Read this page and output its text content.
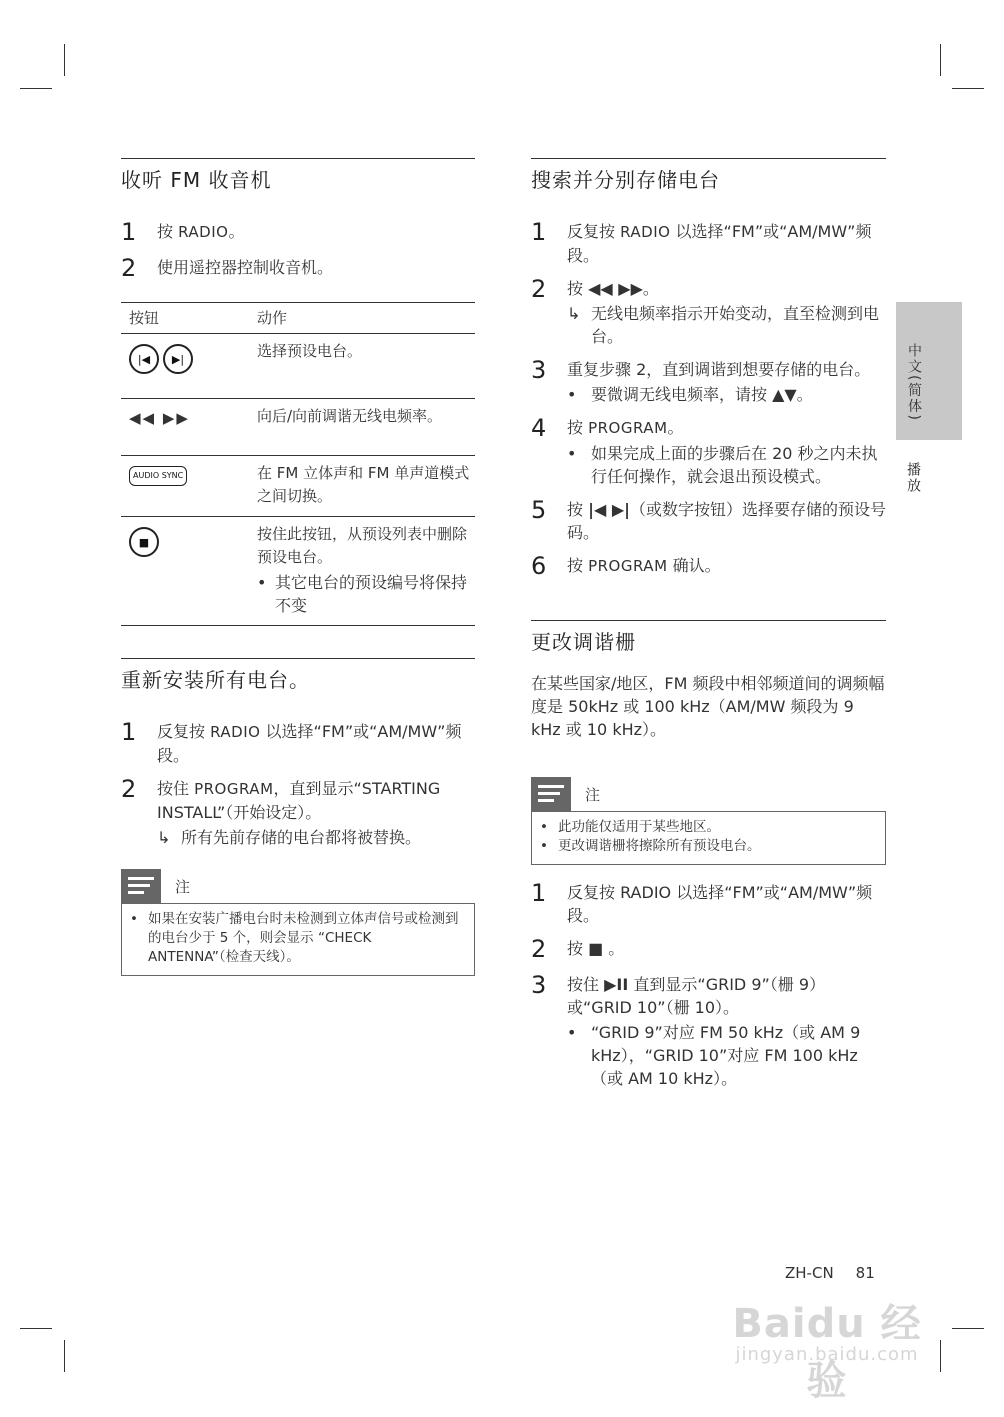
收听 FM 收音机
1	按 RADIO。
2	使用遥控器控制收音机。
按钮	动作
|◀ ▶|	选择预设电台。
◀◀ ▶▶	向后/向前调谐无线电频率。
AUDIO SYNC	在 FM 立体声和 FM 单声道模式之间切换。
■	按住此按钮，从预设列表中删除预设电台。
• 其它电台的预设编号将保持不变
重新安装所有电台。
1	反复按 RADIO 以选择“FM”或“AM/MW”频段。
2	按住 PROGRAM，直到显示“STARTING INSTALL”（开始设定）。
↳ 所有先前存储的电台都将被替换。
注
• 如果在安装广播电台时未检测到立体声信号或检测到的电台少于 5 个，则会显示 “CHECK ANTENNA”（检查天线）。
搜索并分别存储电台
1	反复按 RADIO 以选择“FM”或“AM/MW”频段。
2	按 ◀◀ ▶▶。
↳ 无线电频率指示开始变动，直至检测到电台。
3	重复步骤 2，直到调谐到想要存储的电台。
• 要微调无线电频率，请按 ▲▼。
4	按 PROGRAM。
• 如果完成上面的步骤后在 20 秒之内未执行任何操作，就会退出预设模式。
5	按 |◀ ▶|（或数字按钮）选择要存储的预设号码。
6	按 PROGRAM 确认。
更改调谐栅
在某些国家/地区，FM 频段中相邻频道间的调频幅度是 50kHz 或 100 kHz（AM/MW 频段为 9 kHz 或 10 kHz）。
注
• 此功能仅适用于某些地区。
• 更改调谐栅将擦除所有预设电台。
1	反复按 RADIO 以选择“FM”或“AM/MW”频段。
2	按 ■ 。
3	按住 ▶II 直到显示“GRID 9”（栅 9）或“GRID 10”（栅 10）。
• “GRID 9”对应 FM 50 kHz（或 AM 9 kHz），“GRID 10”对应 FM 100 kHz（或 AM 10 kHz）。
中文(简体)
播放
ZH-CN 81
Baidu 经验
jingyan.baidu.com
